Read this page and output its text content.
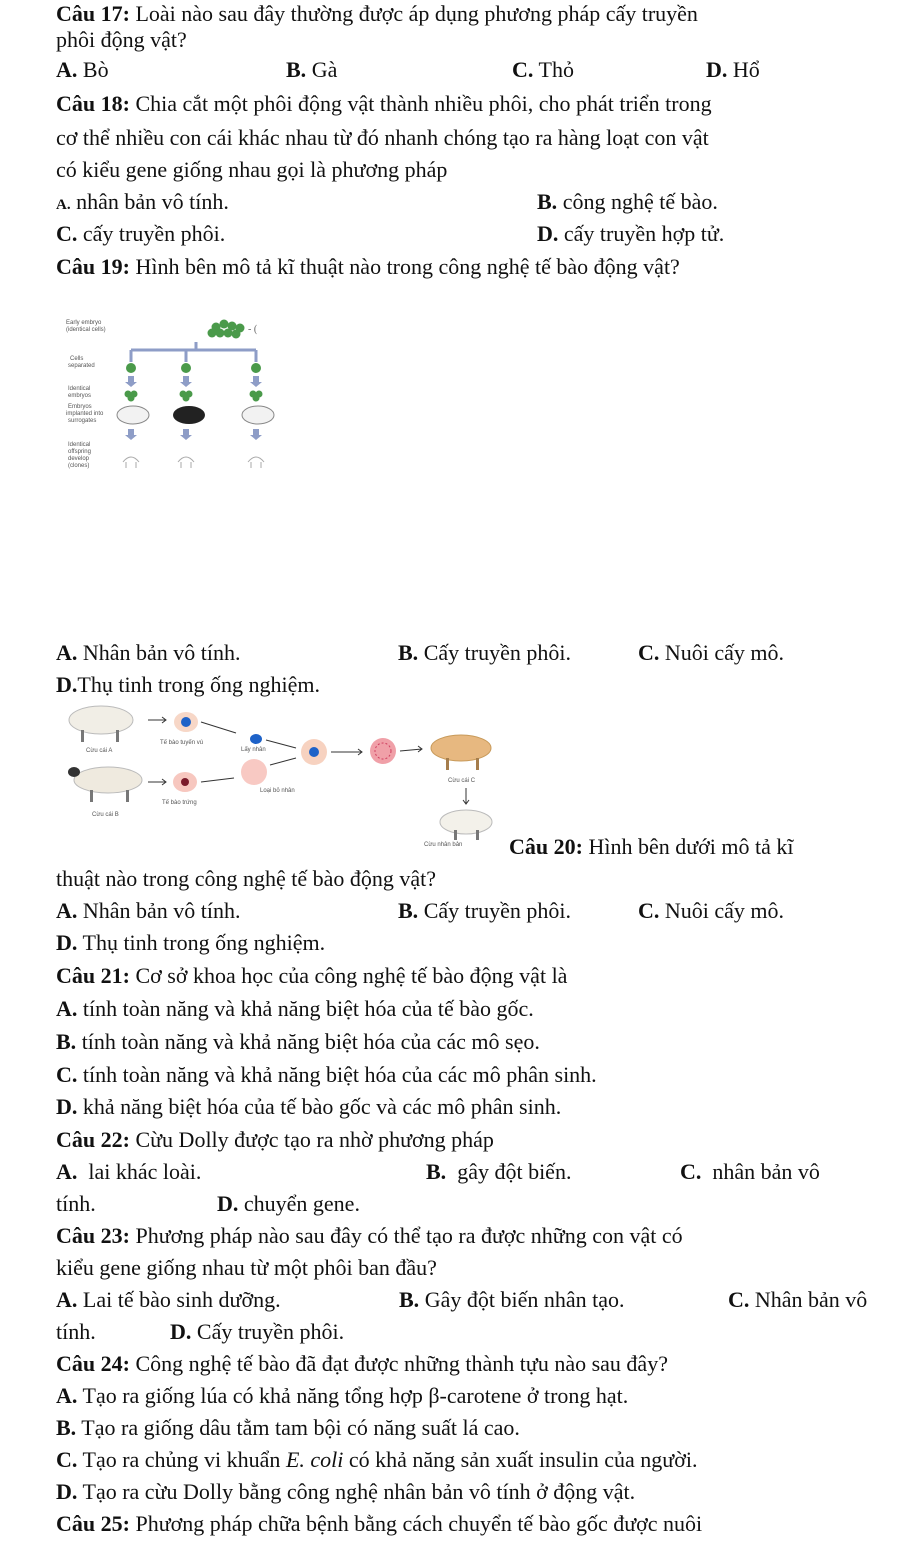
Câu 17: Loài nào sau đây thường được áp dụng phương pháp cấy truyền
phôi động vật?
A. Bò	B. Gà	C. Thỏ	D. Hổ
Câu 18: Chia cắt một phôi động vật thành nhiều phôi, cho phát triển trong
cơ thể nhiều con cái khác nhau từ đó nhanh chóng tạo ra hàng loạt con vật
có kiểu gene giống nhau gọi là phương pháp
A. nhân bản vô tính.	B. công nghệ tế bào.
C. cấy truyền phôi.	D. cấy truyền hợp tử.
Câu 19: Hình bên mô tả kĩ thuật nào trong công nghệ tế bào động vật?
- (
Early embryo
(identical cells)
Cells
separated
Identical
embryos
Embryos
implanted into
surrogates
Identical
offspring
develop
(clones)
A. Nhân bản vô tính.	B. Cấy truyền phôi.	C. Nuôi cấy mô.
D.Thụ tinh trong ống nghiệm.
Cừu cái A
Cừu cái B
Cừu cái C
Cừu nhân bản
Tế bào tuyến vú
Lấy nhân
Tế bào trứng
Loại bỏ nhân
Câu 20: Hình bên dưới mô tả kĩ
thuật nào trong công nghệ tế bào động vật?
A. Nhân bản vô tính.	B. Cấy truyền phôi.	C. Nuôi cấy mô.
D. Thụ tinh trong ống nghiệm.
Câu 21: Cơ sở khoa học của công nghệ tế bào động vật là
A. tính toàn năng và khả năng biệt hóa của tế bào gốc.
B. tính toàn năng và khả năng biệt hóa của các mô sẹo.
C. tính toàn năng và khả năng biệt hóa của các mô phân sinh.
D. khả năng biệt hóa của tế bào gốc và các mô phân sinh.
Câu 22: Cừu Dolly được tạo ra nhờ phương pháp
A. lai khác loài.	B. gây đột biến.	C. nhân bản vô
tính.	D. chuyển gene.
Câu 23: Phương pháp nào sau đây có thể tạo ra được những con vật có
kiểu gene giống nhau từ một phôi ban đầu?
A. Lai tế bào sinh dưỡng.	B. Gây đột biến nhân tạo.	C. Nhân bản vô
tính.	D. Cấy truyền phôi.
Câu 24: Công nghệ tế bào đã đạt được những thành tựu nào sau đây?
A. Tạo ra giống lúa có khả năng tổng hợp β-carotene ở trong hạt.
B. Tạo ra giống dâu tằm tam bội có năng suất lá cao.
C. Tạo ra chủng vi khuẩn E. coli có khả năng sản xuất insulin của người.
D. Tạo ra cừu Dolly bằng công nghệ nhân bản vô tính ở động vật.
Câu 25: Phương pháp chữa bệnh bằng cách chuyển tế bào gốc được nuôi
